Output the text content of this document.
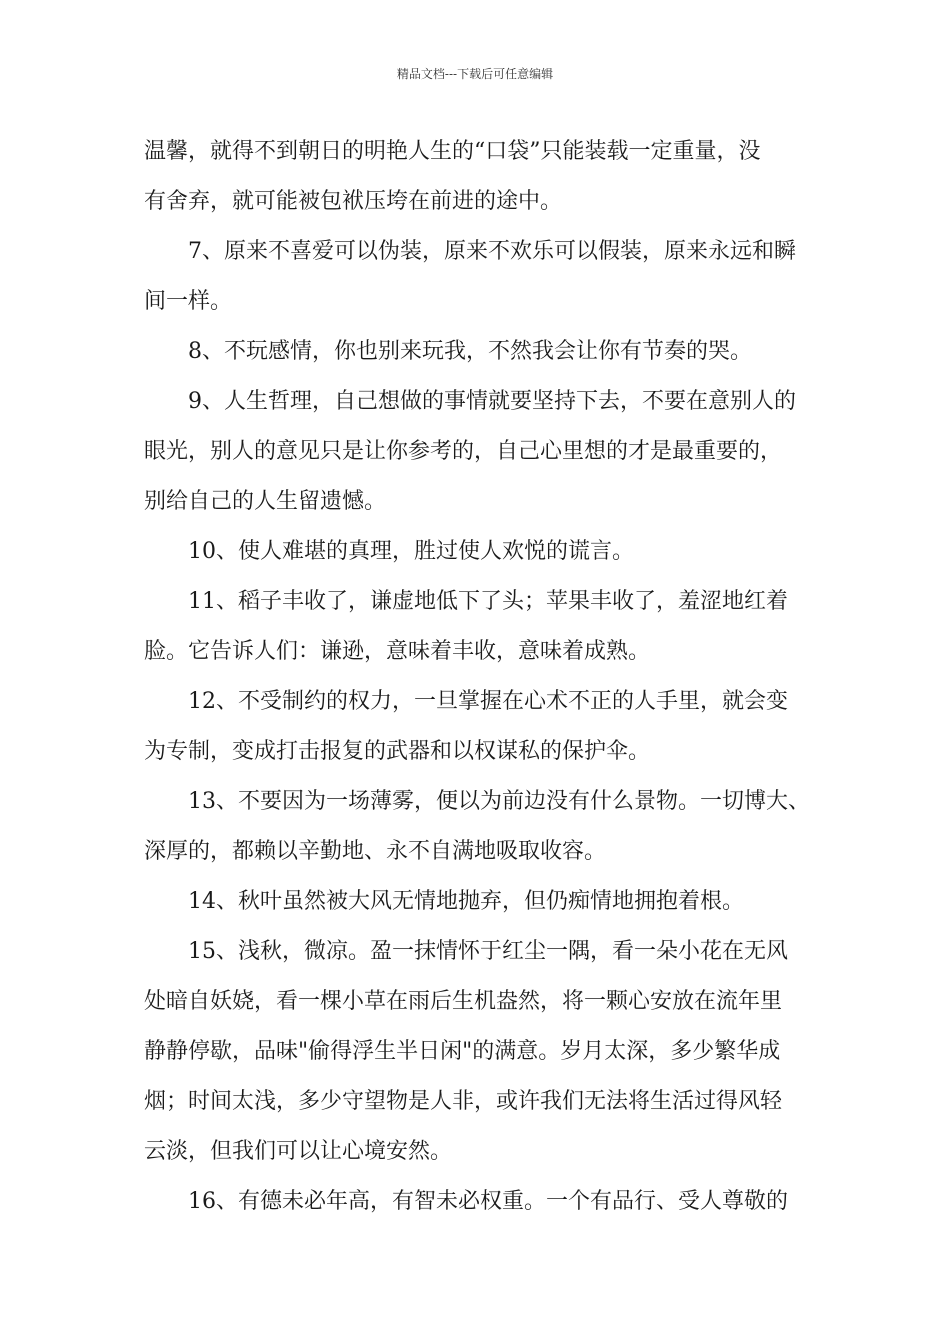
精品文档---下载后可任意编辑
温馨，就得不到朝日的明艳人生的“口袋”只能装载一定重量，没
有舍弃，就可能被包袱压垮在前进的途中。
7、原来不喜爱可以伪装，原来不欢乐可以假装，原来永远和瞬
间一样。
8、不玩感情，你也别来玩我，不然我会让你有节奏的哭。
9、人生哲理，自己想做的事情就要坚持下去，不要在意别人的
眼光，别人的意见只是让你参考的，自己心里想的才是最重要的，
别给自己的人生留遗憾。
10、使人难堪的真理，胜过使人欢悦的谎言。
11、稻子丰收了，谦虚地低下了头；苹果丰收了，羞涩地红着
脸。它告诉人们：谦逊，意味着丰收，意味着成熟。
12、不受制约的权力，一旦掌握在心术不正的人手里，就会变
为专制，变成打击报复的武器和以权谋私的保护伞。
13、不要因为一场薄雾，便以为前边没有什么景物。一切博大、
深厚的，都赖以辛勤地、永不自满地吸取收容。
14、秋叶虽然被大风无情地抛弃，但仍痴情地拥抱着根。
15、浅秋，微凉。盈一抹情怀于红尘一隅，看一朵小花在无风
处暗自妖娆，看一棵小草在雨后生机盎然，将一颗心安放在流年里
静静停歇，品味"偷得浮生半日闲"的满意。岁月太深，多少繁华成
烟；时间太浅，多少守望物是人非，或许我们无法将生活过得风轻
云淡，但我们可以让心境安然。
16、有德未必年高，有智未必权重。一个有品行、受人尊敬的
